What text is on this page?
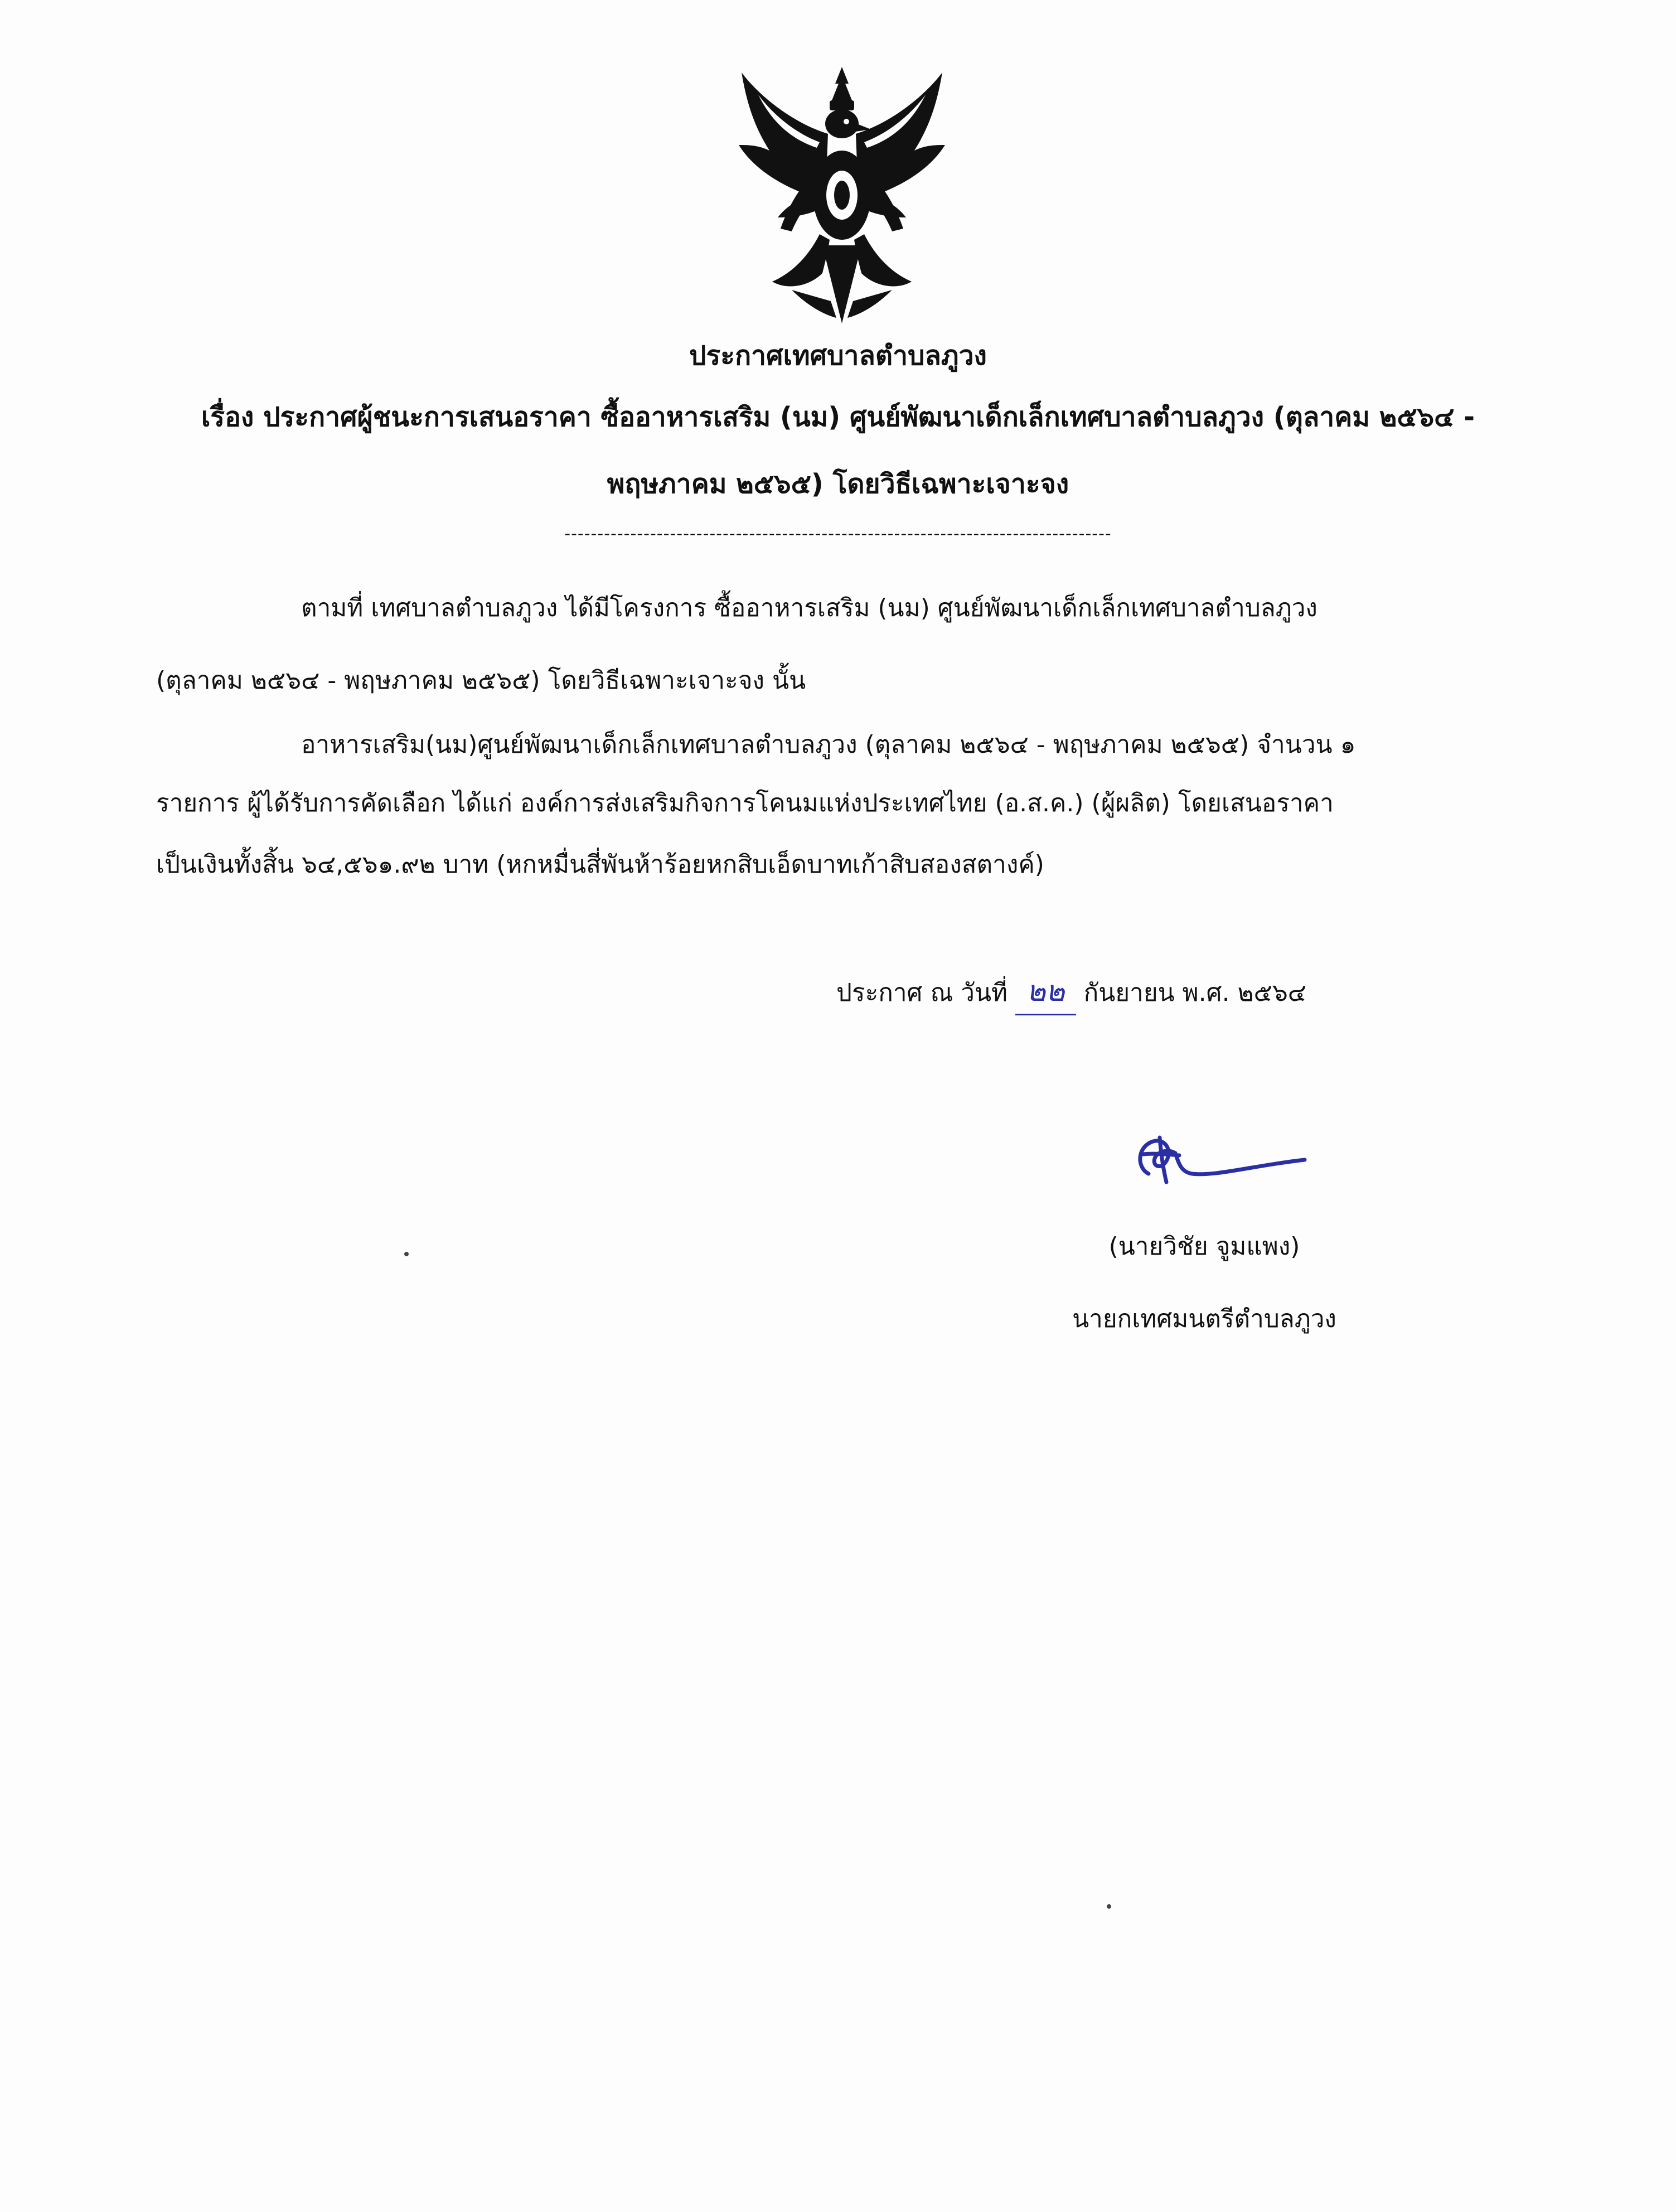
ประกาศเทศบาลตำบลภูวง
เรื่อง ประกาศผู้ชนะการเสนอราคา ซื้ออาหารเสริม (นม) ศูนย์พัฒนาเด็กเล็กเทศบาลตำบลภูวง (ตุลาคม ๒๕๖๔ -
พฤษภาคม ๒๕๖๕) โดยวิธีเฉพาะเจาะจง
-----------------------------------------------------------------------------------
ตามที่ เทศบาลตำบลภูวง ได้มีโครงการ ซื้ออาหารเสริม (นม) ศูนย์พัฒนาเด็กเล็กเทศบาลตำบลภูวง
(ตุลาคม ๒๕๖๔ - พฤษภาคม ๒๕๖๕) โดยวิธีเฉพาะเจาะจง นั้น
อาหารเสริม(นม)ศูนย์พัฒนาเด็กเล็กเทศบาลตำบลภูวง (ตุลาคม ๒๕๖๔ - พฤษภาคม ๒๕๖๕) จำนวน ๑
รายการ ผู้ได้รับการคัดเลือก ได้แก่ องค์การส่งเสริมกิจการโคนมแห่งประเทศไทย (อ.ส.ค.) (ผู้ผลิต) โดยเสนอราคา
เป็นเงินทั้งสิ้น ๖๔,๕๖๑.๙๒ บาท (หกหมื่นสี่พันห้าร้อยหกสิบเอ็ดบาทเก้าสิบสองสตางค์)
ประกาศ ณ วันที่ ๒๒ กันยายน พ.ศ. ๒๕๖๔
(นายวิชัย จูมแพง)
นายกเทศมนตรีตำบลภูวง
